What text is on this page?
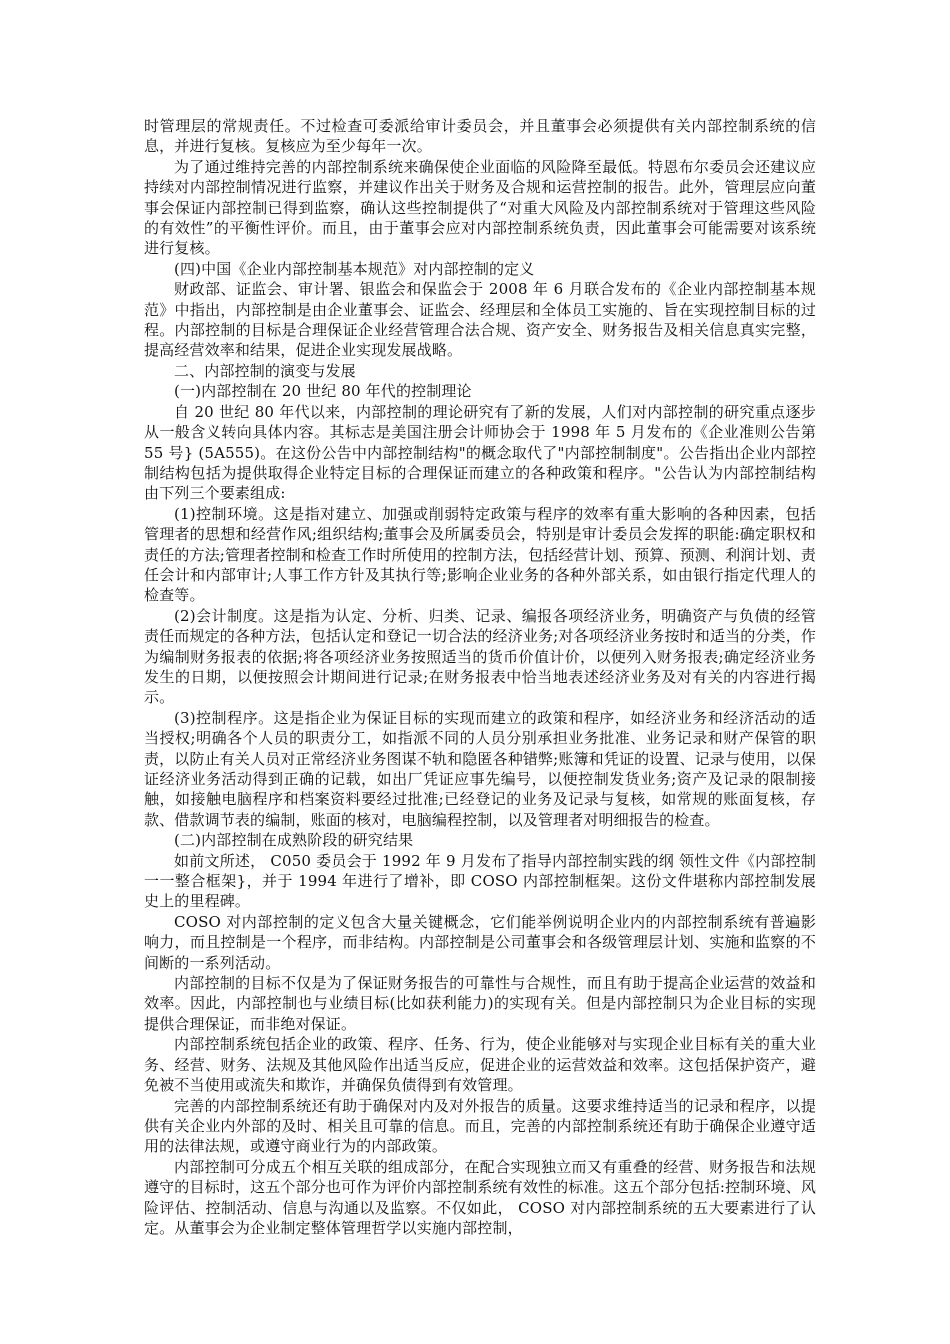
时管理层的常规责任。不过检查可委派给审计委员会，并且董事会必须提供有关内部控制系统的信息，并进行复核。复核应为至少每年一次。

为了通过维持完善的内部控制系统来确保使企业面临的风险降至最低。特恩布尔委员会还建议应持续对内部控制情况进行监察，并建议作出关于财务及合规和运营控制的报告。此外，管理层应向董事会保证内部控制已得到监察，确认这些控制提供了“对重大风险及内部控制系统对于管理这些风险的有效性”的平衡性评价。而且，由于董事会应对内部控制系统负责，因此董事会可能需要对该系统进行复核。

(四)中国《企业内部控制基本规范》对内部控制的定义

财政部、证监会、审计署、银监会和保监会于 2008 年 6 月联合发布的《企业内部控制基本规范》中指出，内部控制是由企业董事会、证监会、经理层和全体员工实施的、旨在实现控制目标的过程。内部控制的目标是合理保证企业经营管理合法合规、资产安全、财务报告及相关信息真实完整，提高经营效率和结果，促进企业实现发展战略。

二、内部控制的演变与发展

(一)内部控制在 20 世纪 80 年代的控制理论

自 20 世纪 80 年代以来，内部控制的理论研究有了新的发展，人们对内部控制的研究重点逐步从一般含义转向具体内容。其标志是美国注册会计师协会于 1998 年 5 月发布的《企业准则公告第 55 号} (5A555)。在这份公告中内部控制结构"的概念取代了"内部控制制度"。公告指出企业内部控制结构包括为提供取得企业特定目标的合理保证而建立的各种政策和程序。"公告认为内部控制结构由下列三个要素组成:

(1)控制环境。这是指对建立、加强或削弱特定政策与程序的效率有重大影响的各种因素，包括管理者的思想和经营作风;组织结构;董事会及所属委员会，特别是审计委员会发挥的职能:确定职权和责任的方法;管理者控制和检查工作时所使用的控制方法，包括经营计划、预算、预测、利润计划、责任会计和内部审计;人事工作方针及其执行等;影响企业业务的各种外部关系，如由银行指定代理人的检查等。

(2)会计制度。这是指为认定、分析、归类、记录、编报各项经济业务，明确资产与负债的经管责任而规定的各种方法，包括认定和登记一切合法的经济业务;对各项经济业务按时和适当的分类，作为编制财务报表的依据;将各项经济业务按照适当的货币价值计价，以便列入财务报表;确定经济业务发生的日期，以便按照会计期间进行记录;在财务报表中恰当地表述经济业务及对有关的内容进行揭示。

(3)控制程序。这是指企业为保证目标的实现而建立的政策和程序，如经济业务和经济活动的适当授权;明确各个人员的职责分工，如指派不同的人员分别承担业务批准、业务记录和财产保管的职责，以防止有关人员对正常经济业务图谋不轨和隐匿各种错弊;账簿和凭证的设置、记录与使用，以保证经济业务活动得到正确的记载，如出厂凭证应事先编号，以便控制发货业务;资产及记录的限制接触，如接触电脑程序和档案资料要经过批准;已经登记的业务及记录与复核，如常规的账面复核，存款、借款调节表的编制，账面的核对，电脑编程控制，以及管理者对明细报告的检查。

(二)内部控制在成熟阶段的研究结果

如前文所述， C050 委员会于 1992 年 9 月发布了指导内部控制实践的纲 领性文件《内部控制一一整合框架}，并于 1994 年进行了增补，即 COSO 内部控制框架。这份文件堪称内部控制发展史上的里程碑。

COSO 对内部控制的定义包含大量关键概念，它们能举例说明企业内的内部控制系统有普遍影响力，而且控制是一个程序，而非结构。内部控制是公司董事会和各级管理层计划、实施和监察的不间断的一系列活动。

内部控制的目标不仅是为了保证财务报告的可靠性与合规性，而且有助于提高企业运营的效益和效率。因此，内部控制也与业绩目标(比如获利能力)的实现有关。但是内部控制只为企业目标的实现提供合理保证，而非绝对保证。

内部控制系统包括企业的政策、程序、任务、行为，使企业能够对与实现企业目标有关的重大业务、经营、财务、法规及其他风险作出适当反应，促进企业的运营效益和效率。这包括保护资产，避免被不当使用或流失和欺诈，并确保负债得到有效管理。

完善的内部控制系统还有助于确保对内及对外报告的质量。这要求维持适当的记录和程序，以提供有关企业内外部的及时、相关且可靠的信息。而且，完善的内部控制系统还有助于确保企业遵守适用的法律法规，或遵守商业行为的内部政策。

内部控制可分成五个相互关联的组成部分，在配合实现独立而又有重叠的经营、财务报告和法规遵守的目标时，这五个部分也可作为评价内部控制系统有效性的标准。这五个部分包括:控制环境、风险评估、控制活动、信息与沟通以及监察。不仅如此， COSO 对内部控制系统的五大要素进行了认定。从董事会为企业制定整体管理哲学以实施内部控制，
